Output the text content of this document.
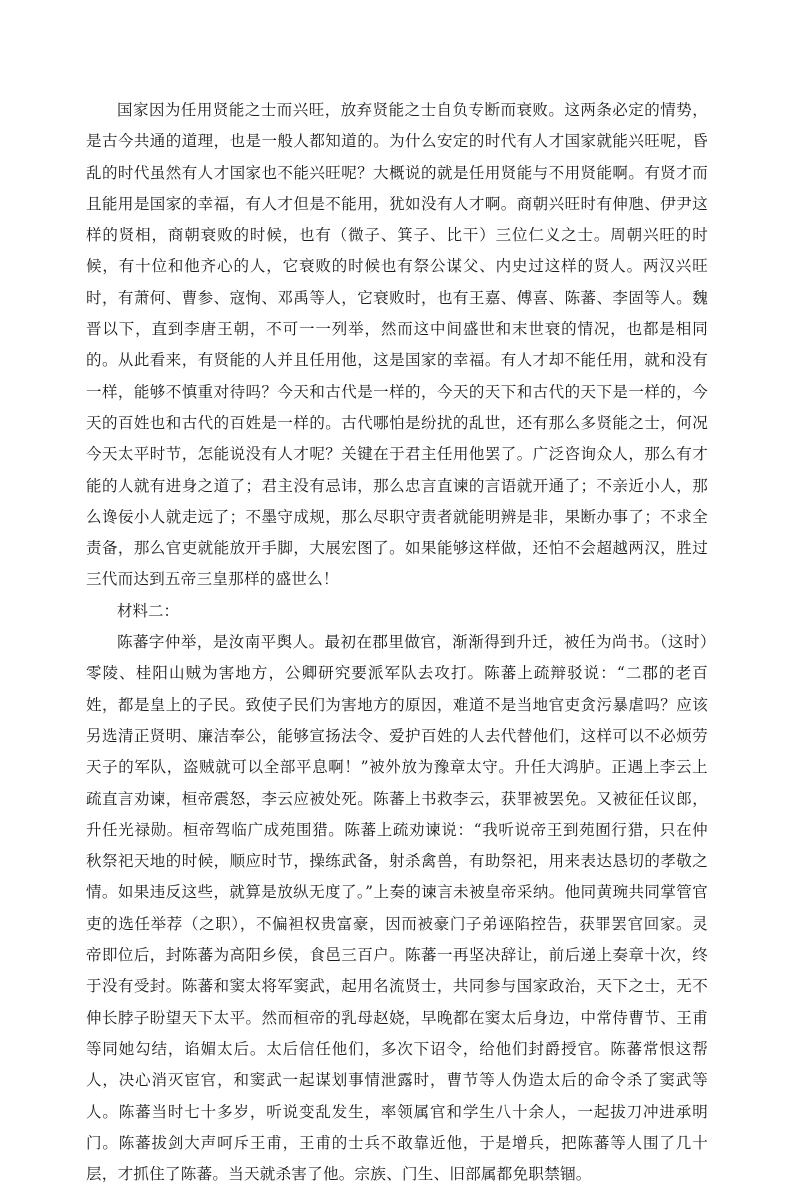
国家因为任用贤能之士而兴旺，放弃贤能之士自负专断而衰败。这两条必定的情势，是古今共通的道理，也是一般人都知道的。为什么安定的时代有人才国家就能兴旺呢，昏乱的时代虽然有人才国家也不能兴旺呢？大概说的就是任用贤能与不用贤能啊。有贤才而且能用是国家的幸福，有人才但是不能用，犹如没有人才啊。商朝兴旺时有伸虺、伊尹这样的贤相，商朝衰败的时候，也有（微子、箕子、比干）三位仁义之士。周朝兴旺的时候，有十位和他齐心的人，它衰败的时候也有祭公谋父、内史过这样的贤人。两汉兴旺时，有萧何、曹参、寇恂、邓禹等人，它衰败时，也有王嘉、傅喜、陈蕃、李固等人。魏晋以下，直到李唐王朝，不可一一列举，然而这中间盛世和末世衰的情况，也都是相同的。从此看来，有贤能的人并且任用他，这是国家的幸福。有人才却不能任用，就和没有一样，能够不慎重对待吗？今天和古代是一样的，今天的天下和古代的天下是一样的，今天的百姓也和古代的百姓是一样的。古代哪怕是纷扰的乱世，还有那么多贤能之士，何况今天太平时节，怎能说没有人才呢？关键在于君主任用他罢了。广泛咨询众人，那么有才能的人就有进身之道了；君主没有忌讳，那么忠言直谏的言语就开通了；不亲近小人，那么谗佞小人就走远了；不墨守成规，那么尽职守责者就能明辨是非，果断办事了；不求全责备，那么官吏就能放开手脚，大展宏图了。如果能够这样做，还怕不会超越两汉，胜过三代而达到五帝三皇那样的盛世么！

材料二：

陈蕃字仲举，是汝南平舆人。最初在郡里做官，渐渐得到升迁，被任为尚书。（这时）零陵、桂阳山贼为害地方，公卿研究要派军队去攻打。陈蕃上疏辩驳说：“二郡的老百姓，都是皇上的子民。致使子民们为害地方的原因，难道不是当地官吏贪污暴虐吗？应该另选清正贤明、廉洁奉公，能够宣扬法令、爱护百姓的人去代替他们，这样可以不必烦劳天子的军队，盗贼就可以全部平息啊！”被外放为豫章太守。升任大鸿胪。正遇上李云上疏直言劝谏，桓帝震怒，李云应被处死。陈蕃上书救李云，获罪被罢免。又被征任议郎，升任光禄勋。桓帝驾临广成苑围猎。陈蕃上疏劝谏说：“我听说帝王到苑囿行猎，只在仲秋祭祀天地的时候，顺应时节，操练武备，射杀禽兽，有助祭祀，用来表达恳切的孝敬之情。如果违反这些，就算是放纵无度了。”上奏的谏言未被皇帝采纳。他同黄琬共同掌管官吏的选任举荐（之职），不偏袒权贵富豪，因而被豪门子弟诬陷控告，获罪罢官回家。灵帝即位后，封陈蕃为高阳乡侯，食邑三百户。陈蕃一再坚决辞让，前后递上奏章十次，终于没有受封。陈蕃和窦太将军窦武，起用名流贤士，共同参与国家政治，天下之士，无不伸长脖子盼望天下太平。然而桓帝的乳母赵娆，早晚都在窦太后身边，中常侍曹节、王甫等同她勾结，谄媚太后。太后信任他们，多次下诏令，给他们封爵授官。陈蕃常恨这帮人，决心消灭宦官，和窦武一起谋划事情泄露时，曹节等人伪造太后的命令杀了窦武等人。陈蕃当时七十多岁，听说变乱发生，率领属官和学生八十余人，一起拔刀冲进承明门。陈蕃拔剑大声呵斥王甫，王甫的士兵不敢靠近他，于是增兵，把陈蕃等人围了几十层，才抓住了陈蕃。当天就杀害了他。宗族、门生、旧部属都免职禁锢。
